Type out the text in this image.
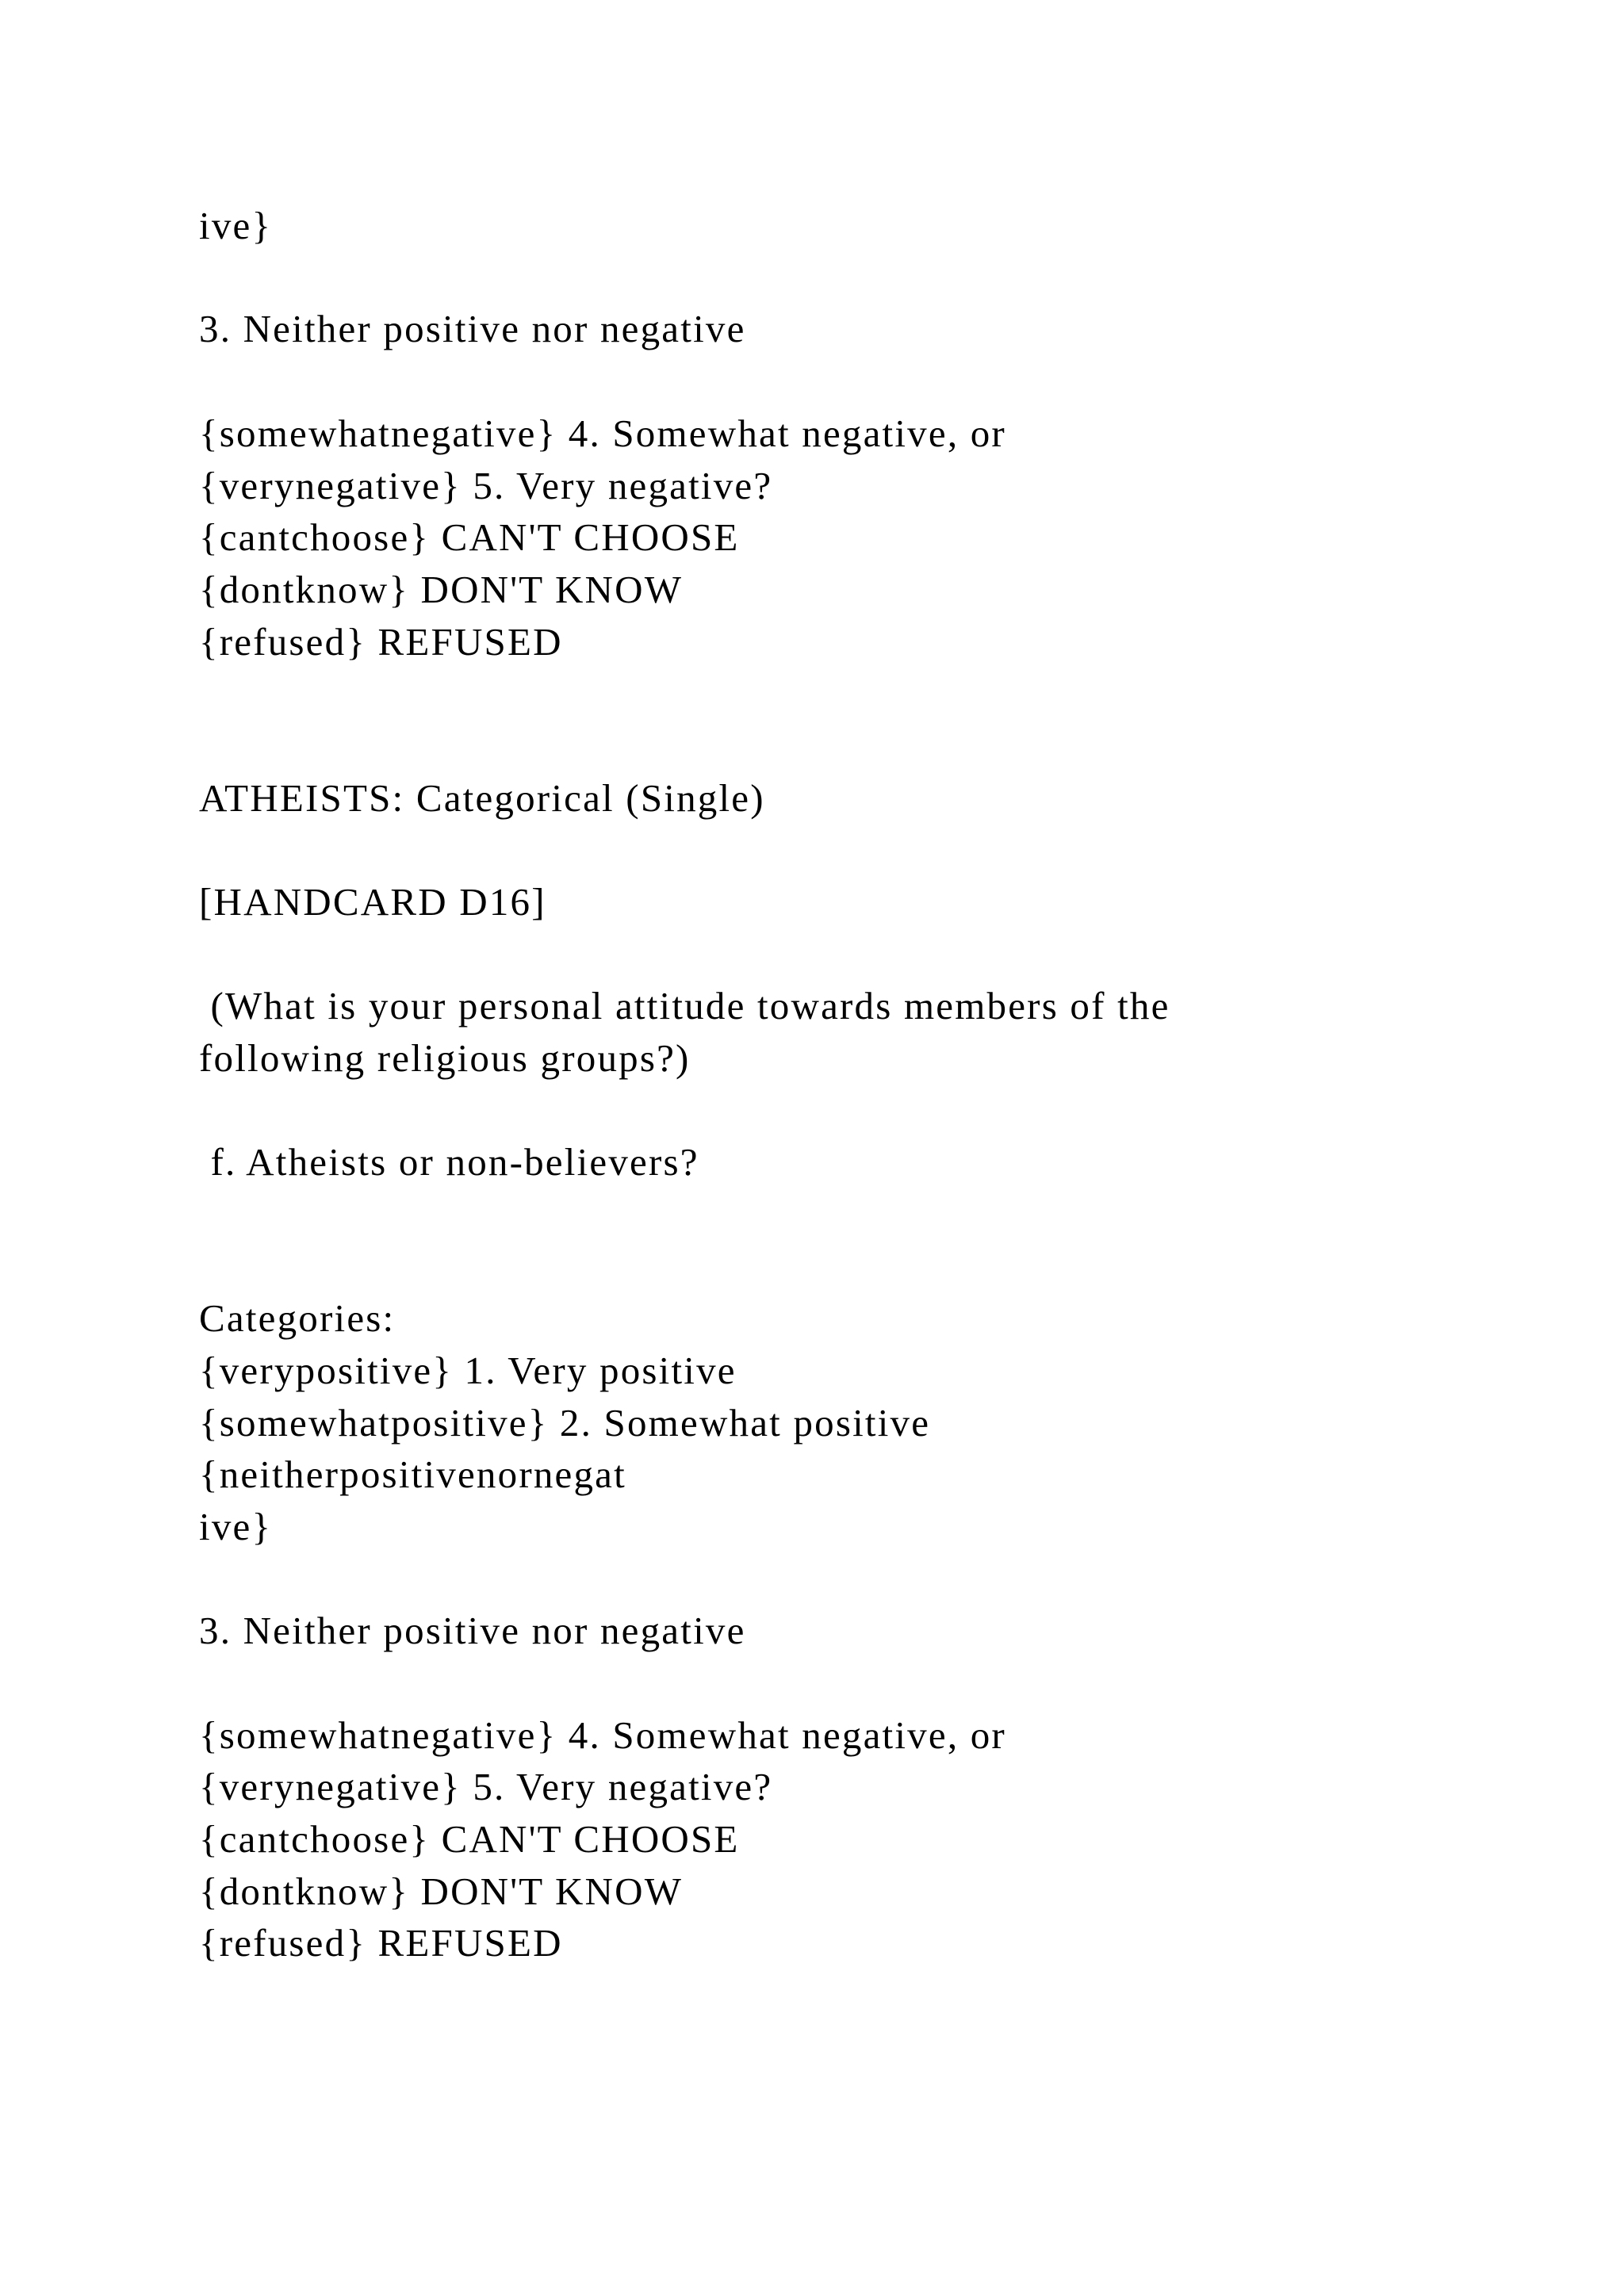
ive}

3. Neither positive nor negative

{somewhatnegative} 4. Somewhat negative, or

{verynegative} 5. Very negative?

{cantchoose} CAN'T CHOOSE

{dontknow} DON'T KNOW

{refused} REFUSED

ATHEISTS: Categorical (Single)

[HANDCARD D16]

(What is your personal attitude towards members of the

following religious groups?)

f. Atheists or non-believers?

Categories:

{verypositive} 1. Very positive

{somewhatpositive} 2. Somewhat positive

{neitherpositivenornegat

ive}

3. Neither positive nor negative

{somewhatnegative} 4. Somewhat negative, or

{verynegative} 5. Very negative?

{cantchoose} CAN'T CHOOSE

{dontknow} DON'T KNOW

{refused} REFUSED
